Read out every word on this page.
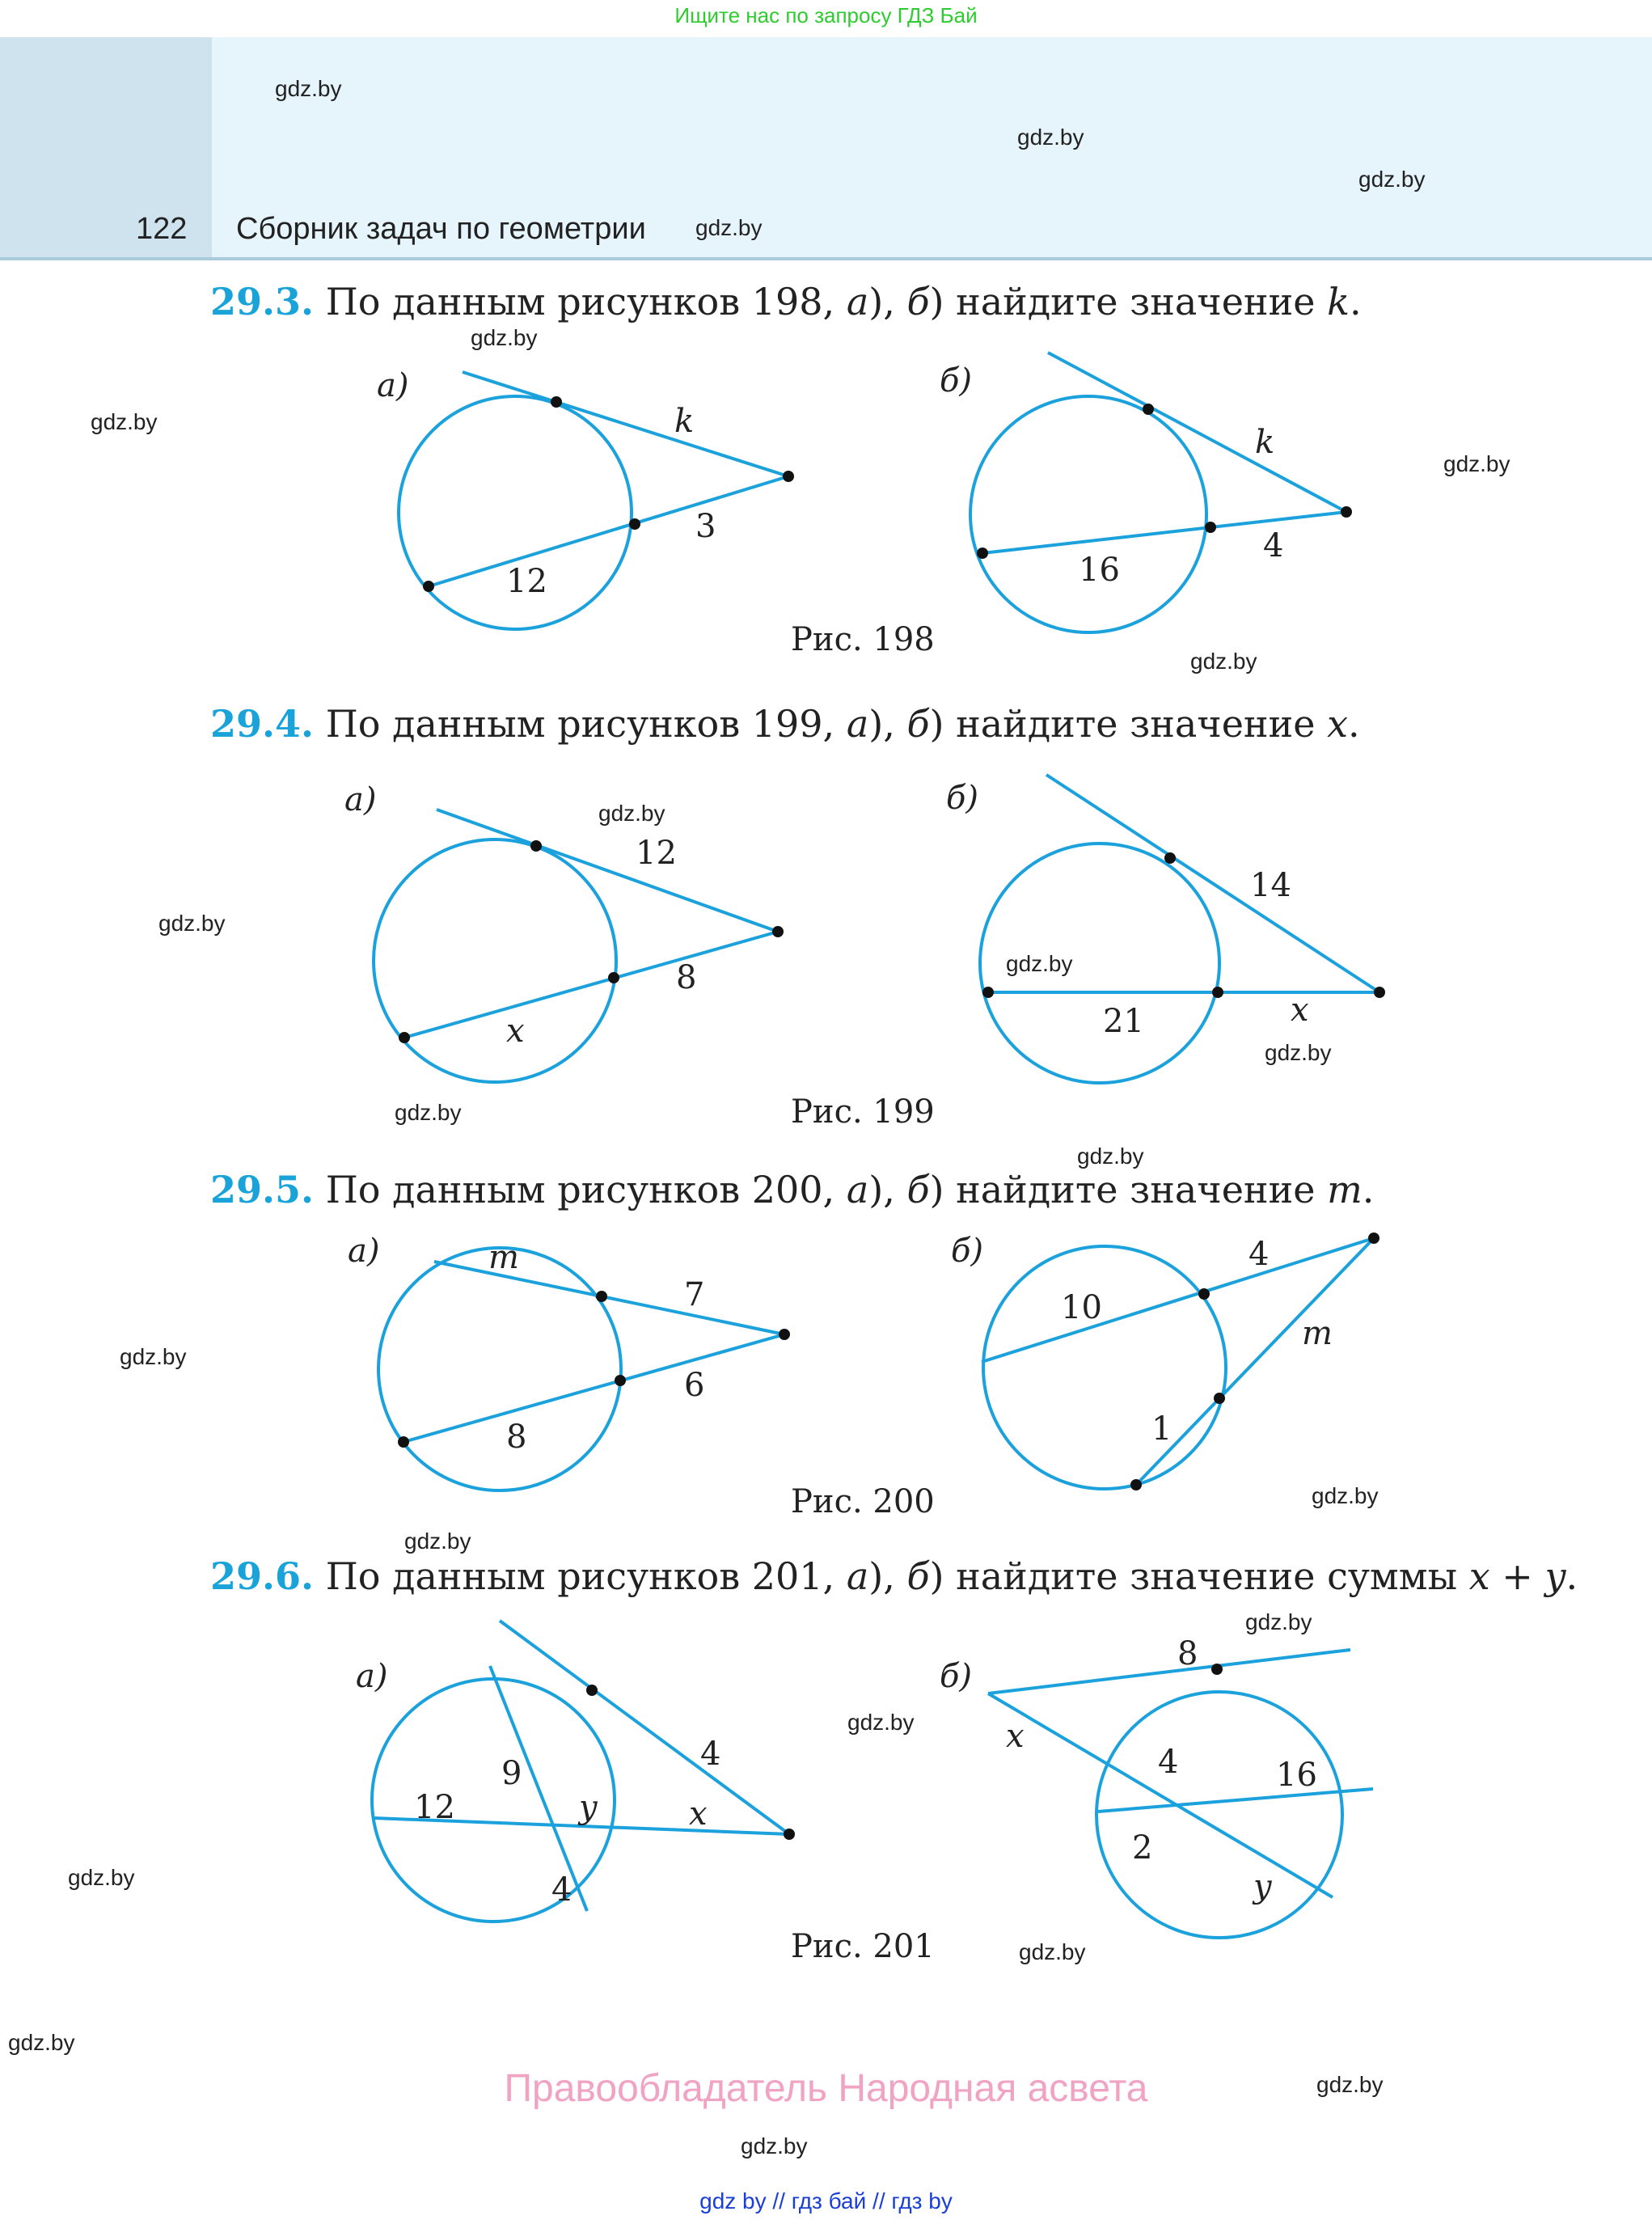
Ищите нас по запросу ГДЗ Бай
122 Сборник задач по геометрии
gdz.by
gdz.by
gdz.by
gdz.by
gdz.by
gdz.by
gdz.by
gdz.by
gdz.by
gdz.by
gdz.by
gdz.by
gdz.by
gdz.by
gdz.by
gdz.by
gdz.by
gdz.by
gdz.by
gdz.by
gdz.by
gdz.by
gdz.by
gdz.by
29.3. По данным рисунков 198, а), б) найдите значение k.
29.4. По данным рисунков 199, а), б) найдите значение x.
29.5. По данным рисунков 200, а), б) найдите значение m.
29.6. По данным рисунков 201, а), б) найдите значение суммы x + y.
Рис. 198
Рис. 199
Рис. 200
Рис. 201
а)
k
3
12
б)
k
4
16
а)
12
8
x
б)
14
21	x
а)	m
7
6
8
б)	4
10
m
1
а)
9
12	y
4
x
4
б)
8
x
4	16
2
y
Правообладатель Народная асвета
gdz by // гдз бай // гдз by
